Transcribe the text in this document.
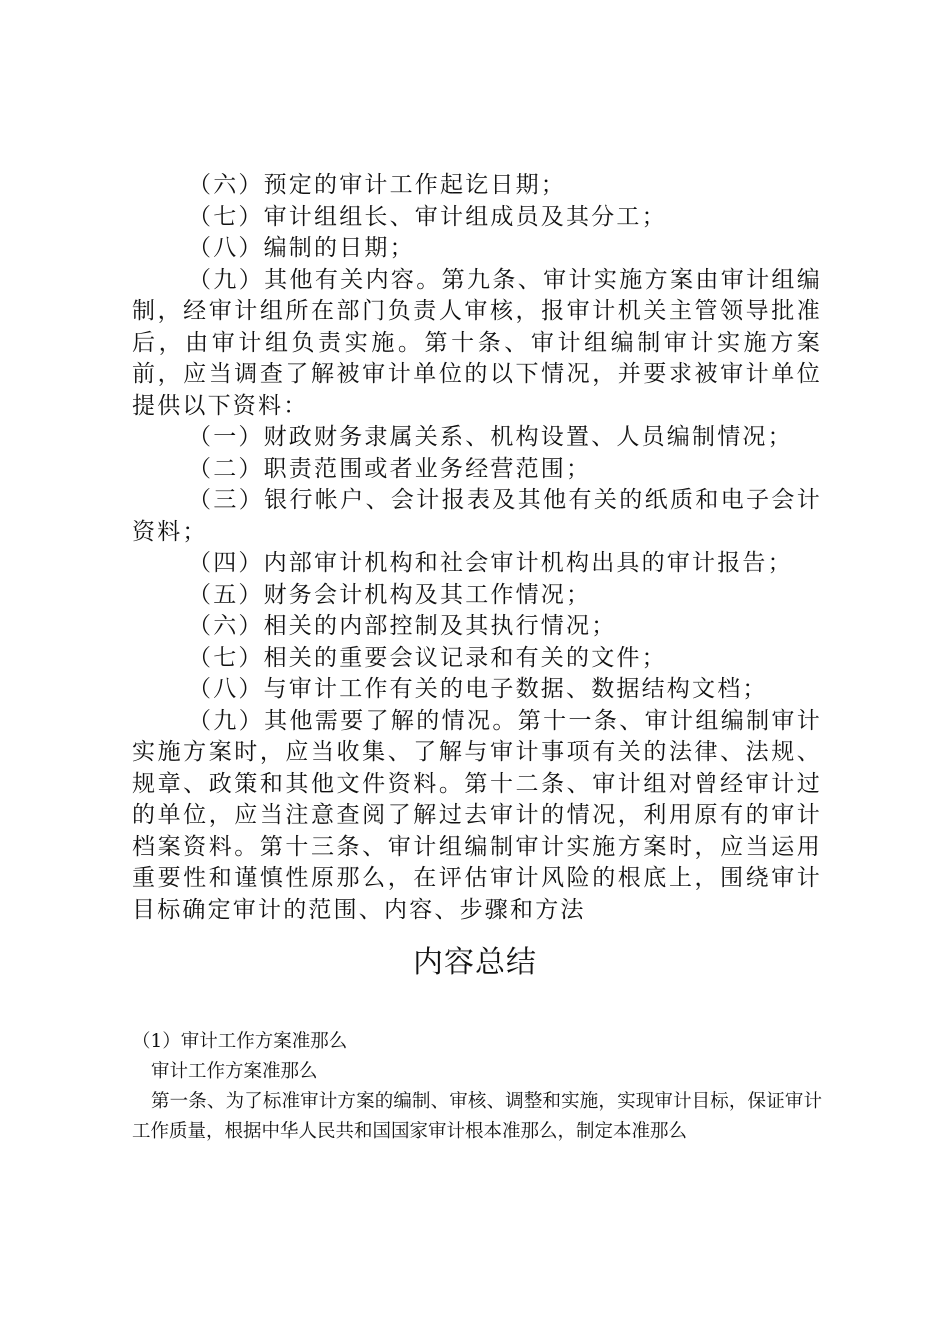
（六）预定的审计工作起讫日期；

（七）审计组组长、审计组成员及其分工；

（八）编制的日期；

（九）其他有关内容。第九条、审计实施方案由审计组编制，经审计组所在部门负责人审核，报审计机关主管领导批准后，由审计组负责实施。第十条、审计组编制审计实施方案前，应当调查了解被审计单位的以下情况，并要求被审计单位提供以下资料：

（一）财政财务隶属关系、机构设置、人员编制情况；

（二）职责范围或者业务经营范围；

（三）银行帐户、会计报表及其他有关的纸质和电子会计资料；

（四）内部审计机构和社会审计机构出具的审计报告；

（五）财务会计机构及其工作情况；

（六）相关的内部控制及其执行情况；

（七）相关的重要会议记录和有关的文件；

（八）与审计工作有关的电子数据、数据结构文档；

（九）其他需要了解的情况。第十一条、审计组编制审计实施方案时，应当收集、了解与审计事项有关的法律、法规、规章、政策和其他文件资料。第十二条、审计组对曾经审计过的单位，应当注意查阅了解过去审计的情况，利用原有的审计档案资料。第十三条、审计组编制审计实施方案时，应当运用重要性和谨慎性原那么，在评估审计风险的根底上，围绕审计目标确定审计的范围、内容、步骤和方法

内容总结

（1）审计工作方案准那么

审计工作方案准那么

第一条、为了标准审计方案的编制、审核、调整和实施，实现审计目标，保证审计工作质量，根据中华人民共和国国家审计根本准那么，制定本准那么
